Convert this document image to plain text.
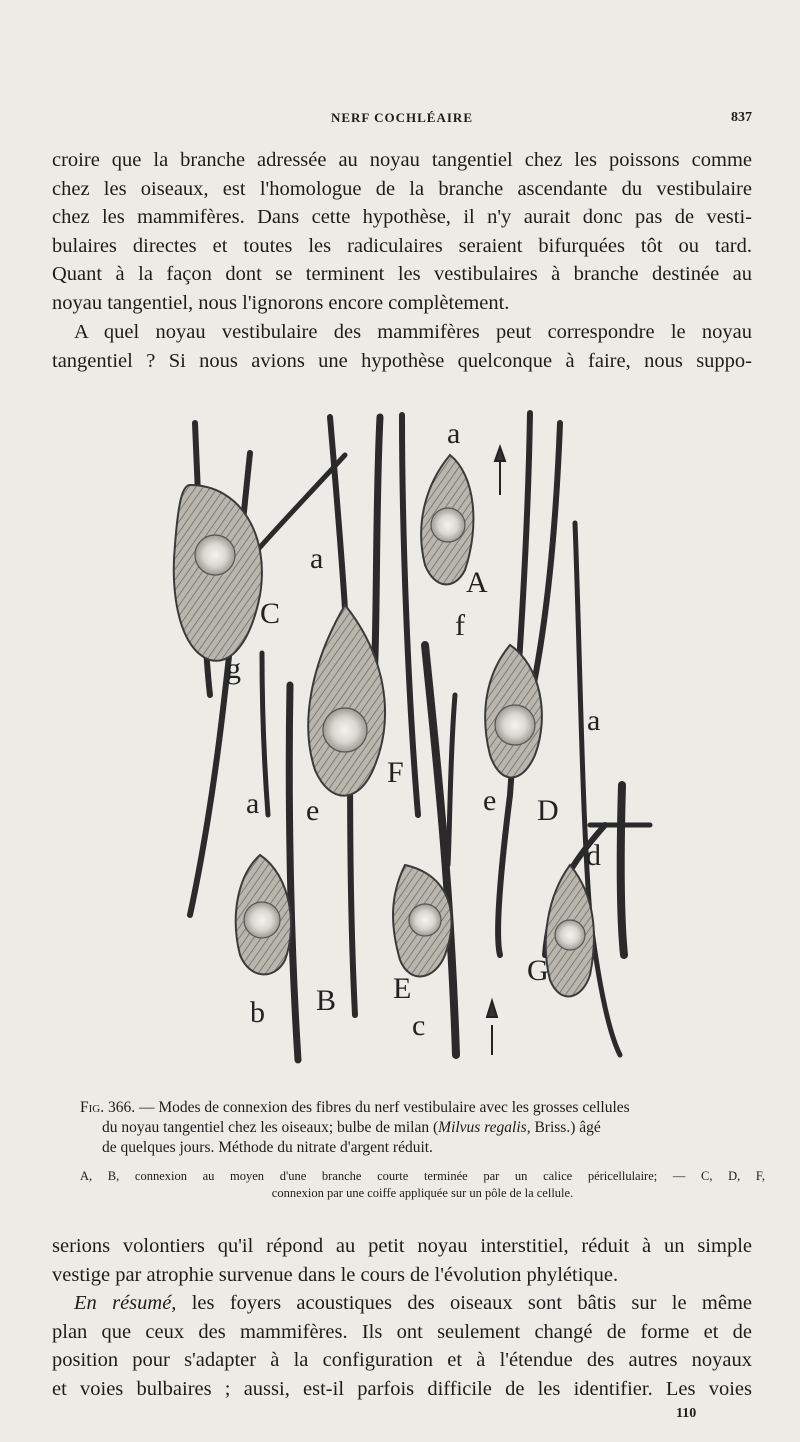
NERF COCHLÉAIRE	837

croire que la branche adressée au noyau tangentiel chez les poissons comme
chez les oiseaux, est l'homologue de la branche ascendante du vestibulaire
chez les mammifères. Dans cette hypothèse, il n'y aurait donc pas de vesti-
bulaires directes et toutes les radiculaires seraient bifurquées tôt ou tard.
Quant à la façon dont se terminent les vestibulaires à branche destinée au
noyau tangentiel, nous l'ignorons encore complètement.

A quel noyau vestibulaire des mammifères peut correspondre le noyau
tangentiel ? Si nous avions une hypothèse quelconque à faire, nous suppo-

a
a
a
a
A
B
C
D
E
F
G
b	c
d
e	e
f
g

Fig. 366. — Modes de connexion des fibres du nerf vestibulaire avec les grosses cellules
du noyau tangentiel chez les oiseaux; bulbe de milan (Milvus regalis, Briss.) âgé
de quelques jours. Méthode du nitrate d'argent réduit.

A, B, connexion au moyen d'une branche courte terminée par un calice péricellulaire; — C, D, F,
connexion par une coiffe appliquée sur un pôle de la cellule.

serions volontiers qu'il répond au petit noyau interstitiel, réduit à un simple
vestige par atrophie survenue dans le cours de l'évolution phylétique.

En résumé, les foyers acoustiques des oiseaux sont bâtis sur le même
plan que ceux des mammifères. Ils ont seulement changé de forme et de
position pour s'adapter à la configuration et à l'étendue des autres noyaux
et voies bulbaires ; aussi, est-il parfois difficile de les identifier. Les voies

110
